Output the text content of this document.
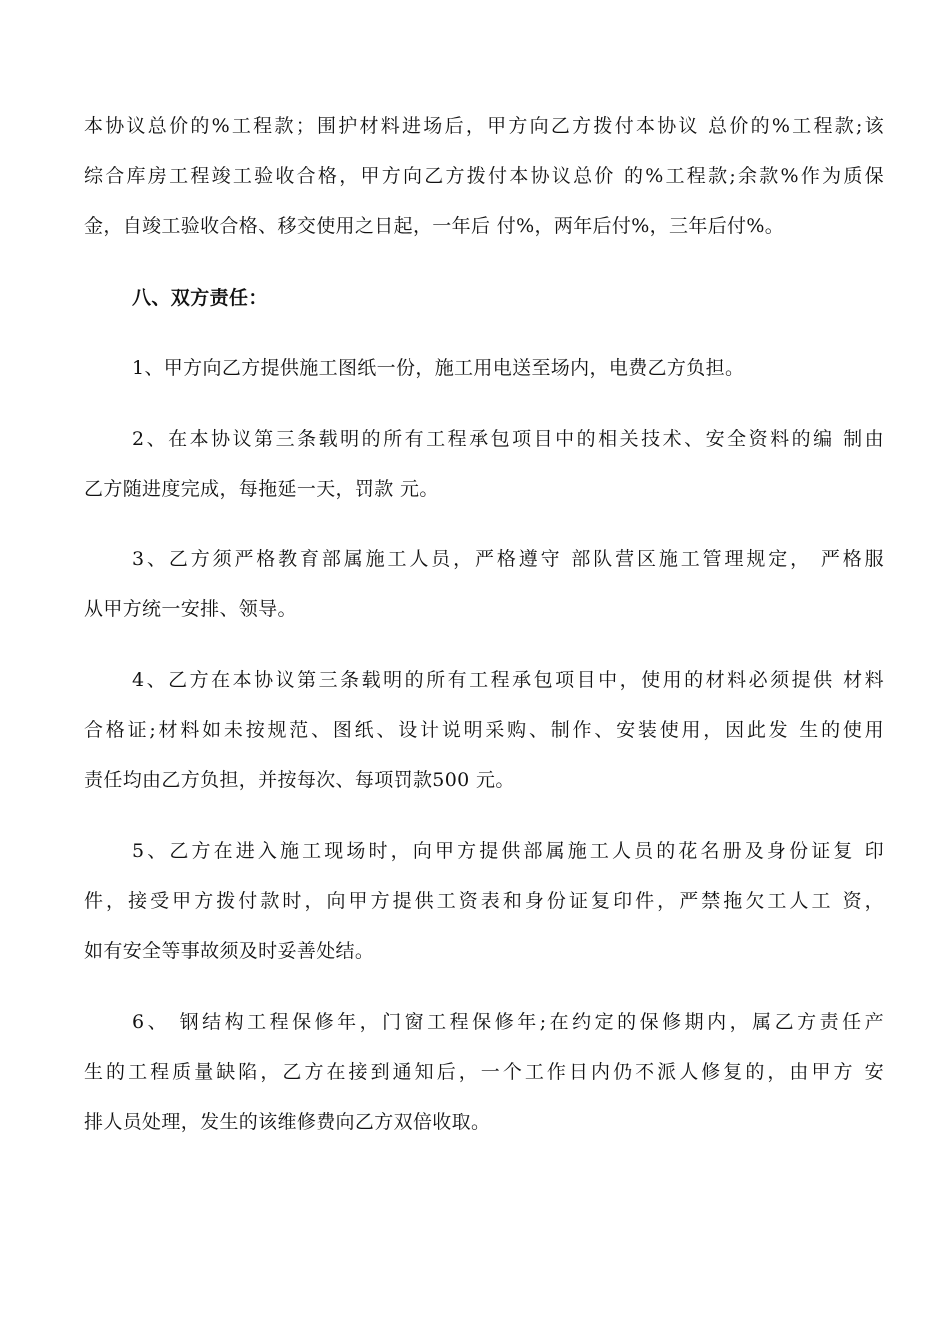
本协议总价的%工程款；围护材料进场后，甲方向乙方拨付本协议 总价的%工程款;该
综合库房工程竣工验收合格，甲方向乙方拨付本协议总价 的%工程款;余款%作为质保
金，自竣工验收合格、移交使用之日起，一年后 付%，两年后付%，三年后付%。
八、双方责任：
1、甲方向乙方提供施工图纸一份，施工用电送至场内，电费乙方负担。
2、在本协议第三条载明的所有工程承包项目中的相关技术、安全资料的编 制由
乙方随进度完成，每拖延一天，罚款 元。
3、乙方须严格教育部属施工人员，严格遵守 部队营区施工管理规定， 严格服
从甲方统一安排、领导。
4、乙方在本协议第三条载明的所有工程承包项目中，使用的材料必须提供 材料
合格证;材料如未按规范、图纸、设计说明采购、制作、安装使用，因此发 生的使用
责任均由乙方负担，并按每次、每项罚款500 元。
5、乙方在进入施工现场时，向甲方提供部属施工人员的花名册及身份证复 印
件，接受甲方拨付款时，向甲方提供工资表和身份证复印件，严禁拖欠工人工 资，
如有安全等事故须及时妥善处结。
6、 钢结构工程保修年，门窗工程保修年;在约定的保修期内，属乙方责任产
生的工程质量缺陷，乙方在接到通知后，一个工作日内仍不派人修复的，由甲方 安
排人员处理，发生的该维修费向乙方双倍收取。
